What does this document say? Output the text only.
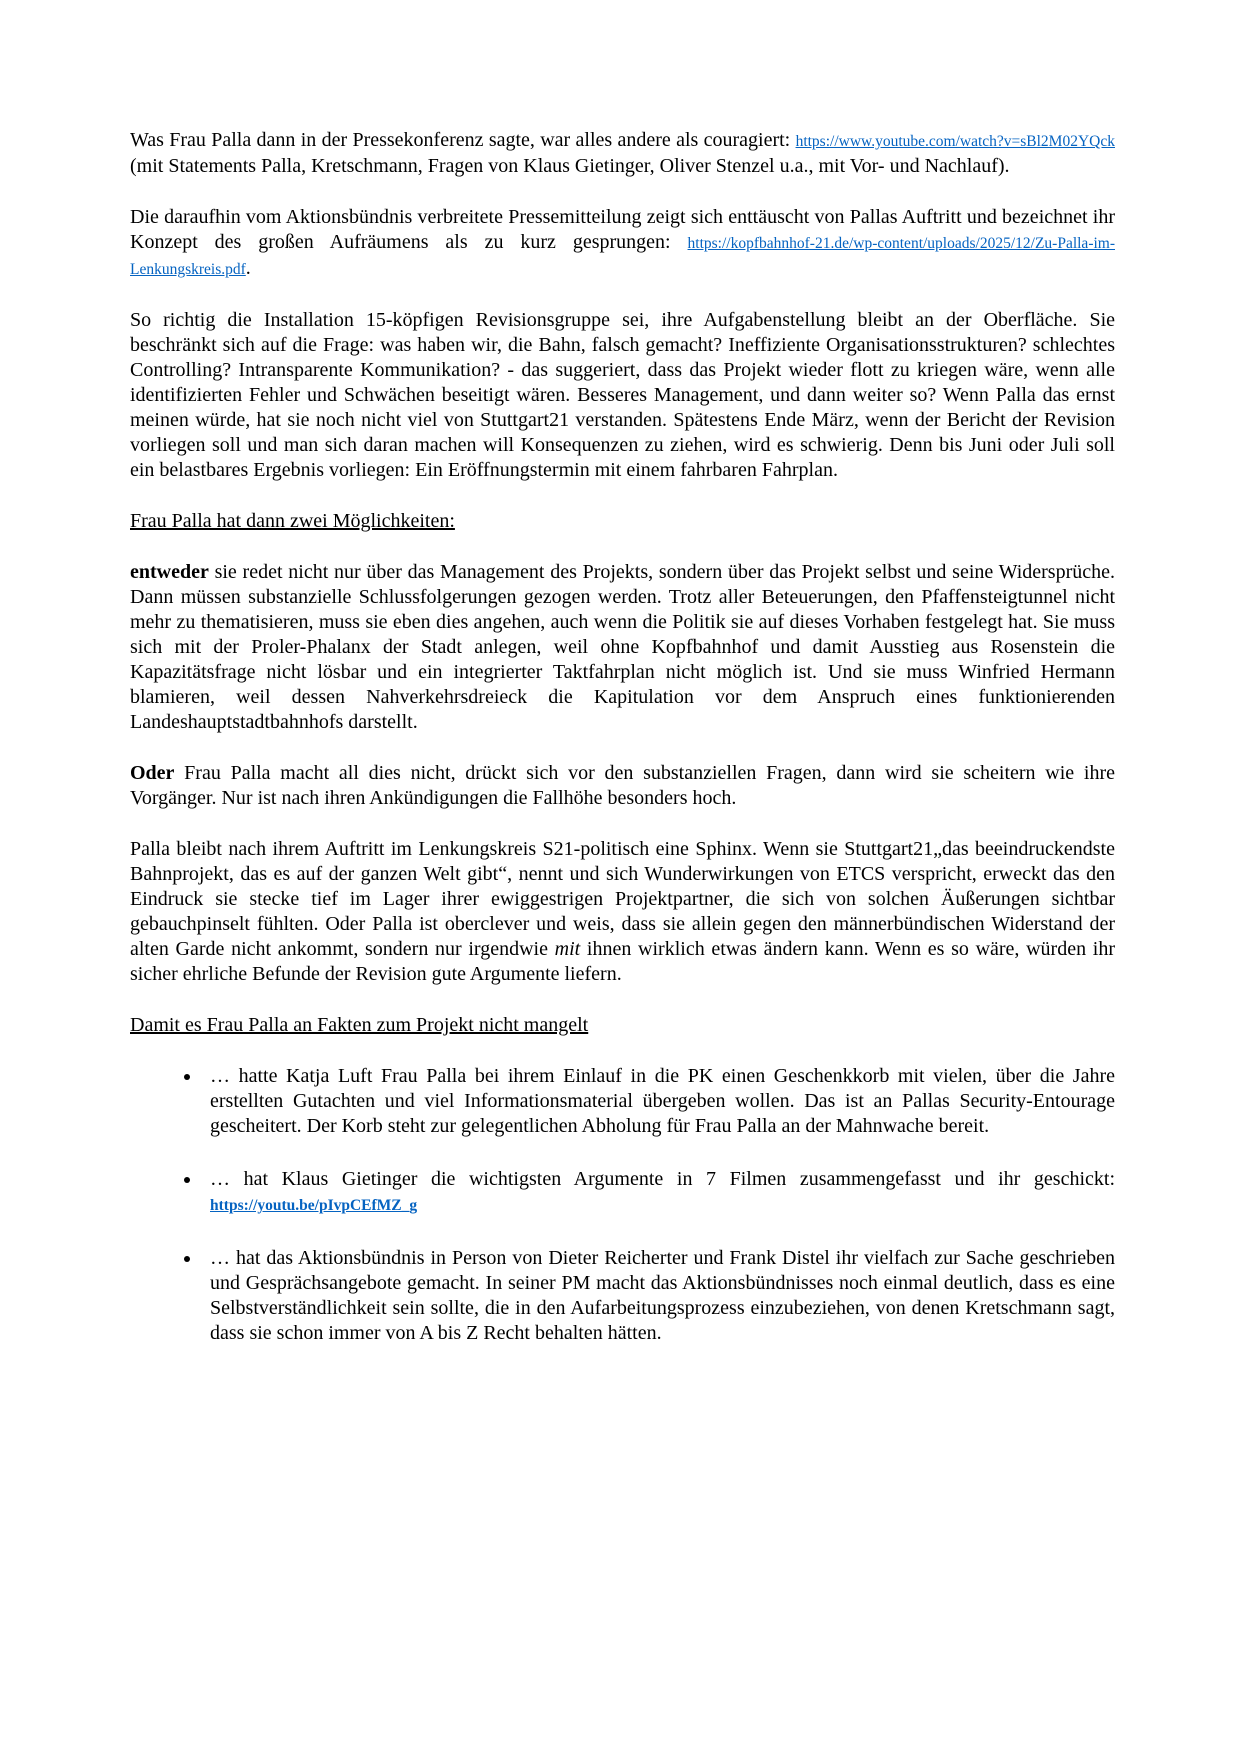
Was Frau Palla dann in der Pressekonferenz sagte, war alles andere als couragiert: https://www.youtube.com/watch?v=sBl2M02YQck (mit Statements Palla, Kretschmann, Fragen von Klaus Gietinger, Oliver Stenzel u.a., mit Vor- und Nachlauf).

Die daraufhin vom Aktionsbündnis verbreitete Pressemitteilung zeigt sich enttäuscht von Pallas Auftritt und bezeichnet ihr Konzept des großen Aufräumens als zu kurz gesprungen: https://kopfbahnhof-21.de/wp-content/uploads/2025/12/Zu-Palla-im-Lenkungskreis.pdf.

So richtig die Installation 15-köpfigen Revisionsgruppe sei, ihre Aufgabenstellung bleibt an der Oberfläche. Sie beschränkt sich auf die Frage: was haben wir, die Bahn, falsch gemacht? Ineffiziente Organisationsstrukturen? schlechtes Controlling? Intransparente Kommunikation? - das suggeriert, dass das Projekt wieder flott zu kriegen wäre, wenn alle identifizierten Fehler und Schwächen beseitigt wären. Besseres Management, und dann weiter so? Wenn Palla das ernst meinen würde, hat sie noch nicht viel von Stuttgart21 verstanden. Spätestens Ende März, wenn der Bericht der Revision vorliegen soll und man sich daran machen will Konsequenzen zu ziehen, wird es schwierig. Denn bis Juni oder Juli soll ein belastbares Ergebnis vorliegen: Ein Eröffnungstermin mit einem fahrbaren Fahrplan.

Frau Palla hat dann zwei Möglichkeiten:

entweder sie redet nicht nur über das Management des Projekts, sondern über das Projekt selbst und seine Widersprüche. Dann müssen substanzielle Schlussfolgerungen gezogen werden. Trotz aller Beteuerungen, den Pfaffensteigtunnel nicht mehr zu thematisieren, muss sie eben dies angehen, auch wenn die Politik sie auf dieses Vorhaben festgelegt hat. Sie muss sich mit der Proler-Phalanx der Stadt anlegen, weil ohne Kopfbahnhof und damit Ausstieg aus Rosenstein die Kapazitätsfrage nicht lösbar und ein integrierter Taktfahrplan nicht möglich ist. Und sie muss Winfried Hermann blamieren, weil dessen Nahverkehrsdreieck die Kapitulation vor dem Anspruch eines funktionierenden Landeshauptstadtbahnhofs darstellt.

Oder Frau Palla macht all dies nicht, drückt sich vor den substanziellen Fragen, dann wird sie scheitern wie ihre Vorgänger. Nur ist nach ihren Ankündigungen die Fallhöhe besonders hoch.

Palla bleibt nach ihrem Auftritt im Lenkungskreis S21-politisch eine Sphinx. Wenn sie Stuttgart21„das beeindruckendste Bahnprojekt, das es auf der ganzen Welt gibt“, nennt und sich Wunderwirkungen von ETCS verspricht, erweckt das den Eindruck sie stecke tief im Lager ihrer ewiggestrigen Projektpartner, die sich von solchen Äußerungen sichtbar gebauchpinselt fühlten. Oder Palla ist oberclever und weis, dass sie allein gegen den männerbündischen Widerstand der alten Garde nicht ankommt, sondern nur irgendwie mit ihnen wirklich etwas ändern kann. Wenn es so wäre, würden ihr sicher ehrliche Befunde der Revision gute Argumente liefern.

Damit es Frau Palla an Fakten zum Projekt nicht mangelt

• … hatte Katja Luft Frau Palla bei ihrem Einlauf in die PK einen Geschenkkorb mit vielen, über die Jahre erstellten Gutachten und viel Informationsmaterial übergeben wollen. Das ist an Pallas Security-Entourage gescheitert. Der Korb steht zur gelegentlichen Abholung für Frau Palla an der Mahnwache bereit.
• … hat Klaus Gietinger die wichtigsten Argumente in 7 Filmen zusammengefasst und ihr geschickt: https://youtu.be/pIvpCEfMZ_g
• … hat das Aktionsbündnis in Person von Dieter Reicherter und Frank Distel ihr vielfach zur Sache geschrieben und Gesprächsangebote gemacht. In seiner PM macht das Aktionsbündnisses noch einmal deutlich, dass es eine Selbstverständlichkeit sein sollte, die in den Aufarbeitungsprozess einzubeziehen, von denen Kretschmann sagt, dass sie schon immer von A bis Z Recht behalten hätten.
